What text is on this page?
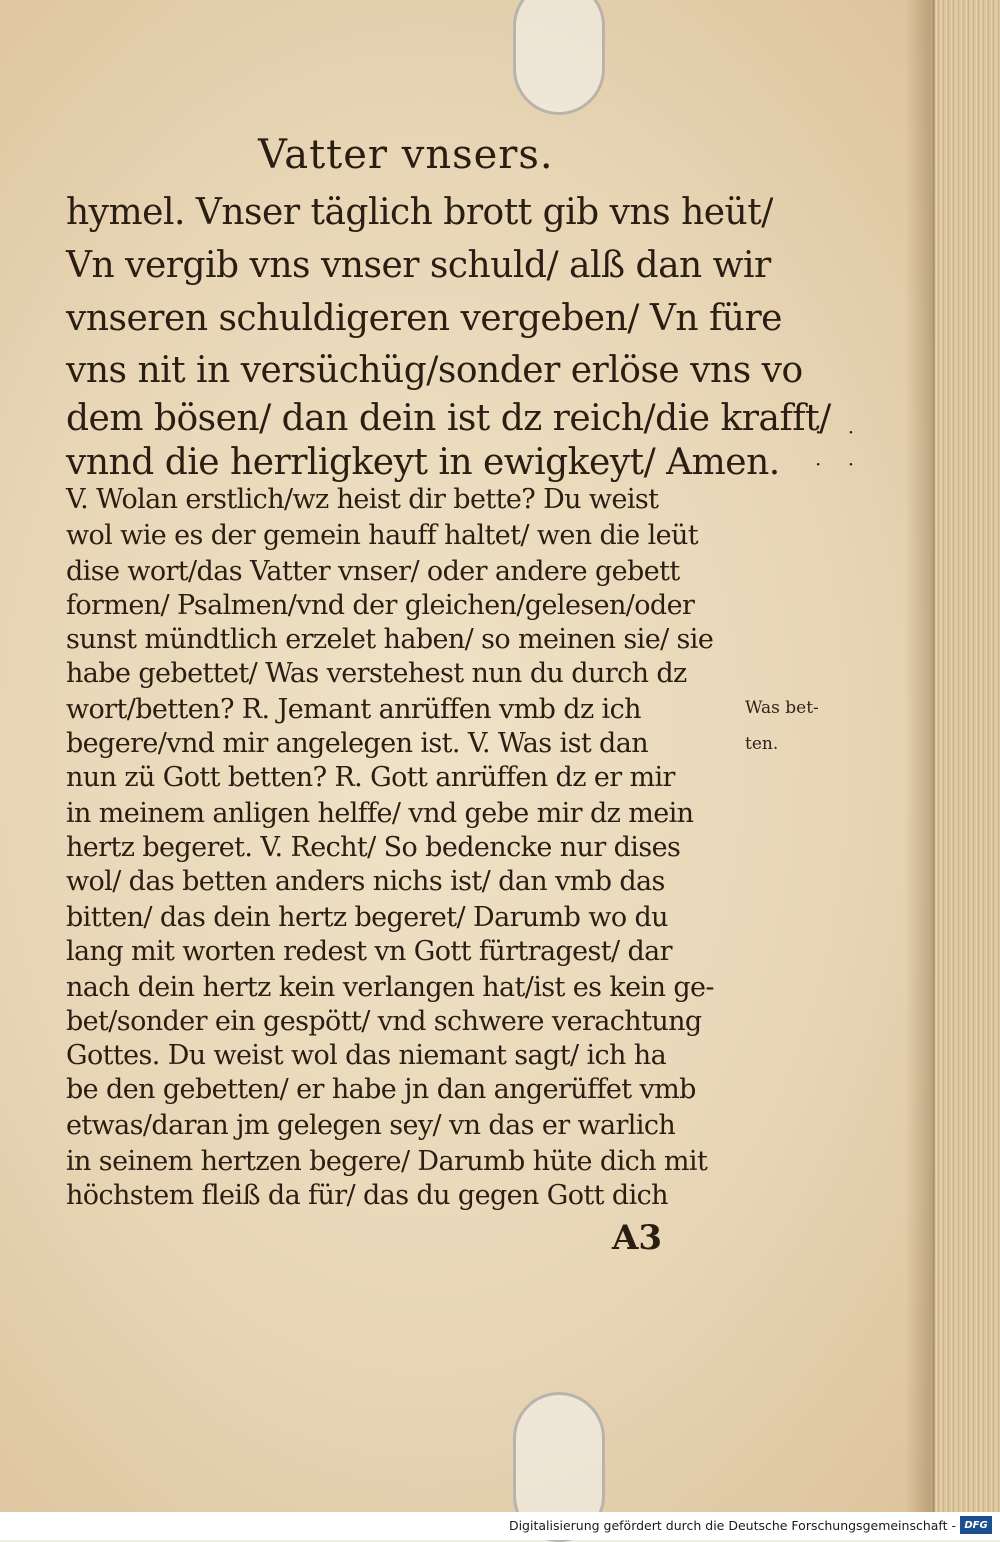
Vatter vnsers.
hymel. Vnser täglich brott gib vns heüt/
Vn vergib vns vnser schuld/ alß dan wir
vnseren schuldigeren vergeben/ Vn füre
vns nit in versüchüg/sonder erlöse vns vo
dem bösen/ dan dein ist dz reich/die krafft/
vnnd die herrligkeyt in ewigkeyt/ Amen.
V. Wolan erstlich/wz heist dir bette? Du weist
wol wie es der gemein hauff haltet/ wen die leüt
dise wort/das Vatter vnser/ oder andere gebett
formen/ Psalmen/vnd der gleichen/gelesen/oder
sunst mündtlich erzelet haben/ so meinen sie/ sie
habe gebettet/ Was verstehest nun du durch dz
wort/betten? R. Jemant anrüffen vmb dz ich
begere/vnd mir angelegen ist. V. Was ist dan
nun zü Gott betten? R. Gott anrüffen dz er mir
in meinem anligen helffe/ vnd gebe mir dz mein
hertz begeret. V. Recht/ So bedencke nur dises
wol/ das betten anders nichs ist/ dan vmb das
bitten/ das dein hertz begeret/ Darumb wo du
lang mit worten redest vn Gott fürtragest/ dar
nach dein hertz kein verlangen hat/ist es kein ge-
bet/sonder ein gespött/ vnd schwere verachtung
Gottes. Du weist wol das niemant sagt/ ich ha
be den gebetten/ er habe jn dan angerüffet vmb
etwas/daran jm gelegen sey/ vn das er warlich
in seinem hertzen begere/ Darumb hüte dich mit
höchstem fleiß da für/ das du gegen Gott dich
· ·
· ·
Was bet-
ten.
A3
Digitalisierung gefördert durch die Deutsche Forschungsgemeinschaft - DFG
